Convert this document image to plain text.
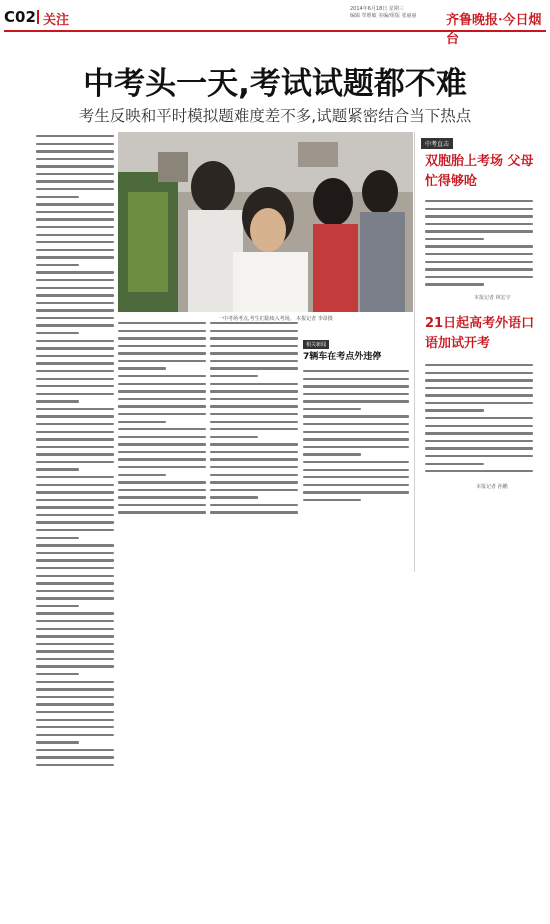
C02 关注
2014年6月18日 星期三
编辑 牟维敏 美编/组版 张丽丽 齐鲁晚报·今日烟台
中考头一天,考试试题都不难
考生反映和平时模拟题难度差不多,试题紧密结合当下热点
一中考场考点,考生们陆续入考场。 本报记者 李昂摄
相关新闻
7辆车在考点外违停
中考直击
双胞胎上考场 父母忙得够呛
本报记者 林宏宇
21日起高考外语口语加试开考
本报记者 孙鹏
